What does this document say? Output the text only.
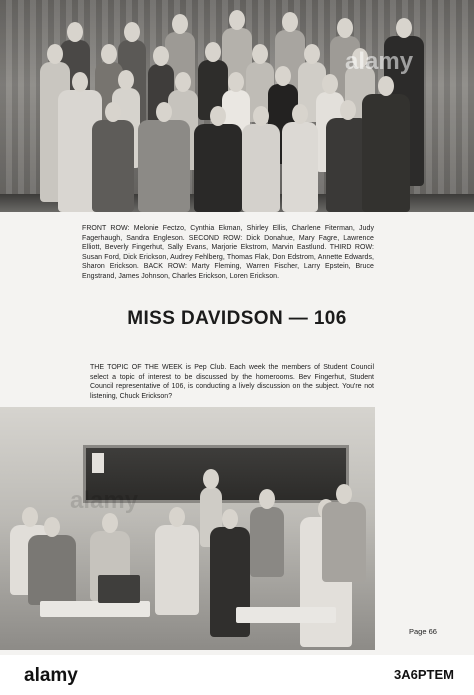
alamy
FRONT ROW: Melonie Fectzo, Cynthia Ekman, Shirley Ellis, Charlene Fiterman, Judy Fagerhaugh, Sandra Engleson. SECOND ROW: Dick Donahue, Mary Fagre, Lawrence Elliott, Beverly Fingerhut, Sally Evans, Marjorie Ekstrom, Marvin Eastlund. THIRD ROW: Susan Ford, Dick Erickson, Audrey Fehlberg, Thomas Flak, Don Edstrom, Annette Edwards, Sharon Erickson. BACK ROW: Marty Fleming, Warren Fischer, Larry Epstein, Bruce Engstrand, James Johnson, Charles Erickson, Loren Erickson.
MISS DAVIDSON — 106
THE TOPIC OF THE WEEK is Pep Club. Each week the members of Student Council select a topic of interest to be discussed by the homerooms. Bev Fingerhut, Student Council representative of 106, is conducting a lively discussion on the subject. You're not listening, Chuck Erickson?
alamy
Page 66
alamy	3A6PTEM
